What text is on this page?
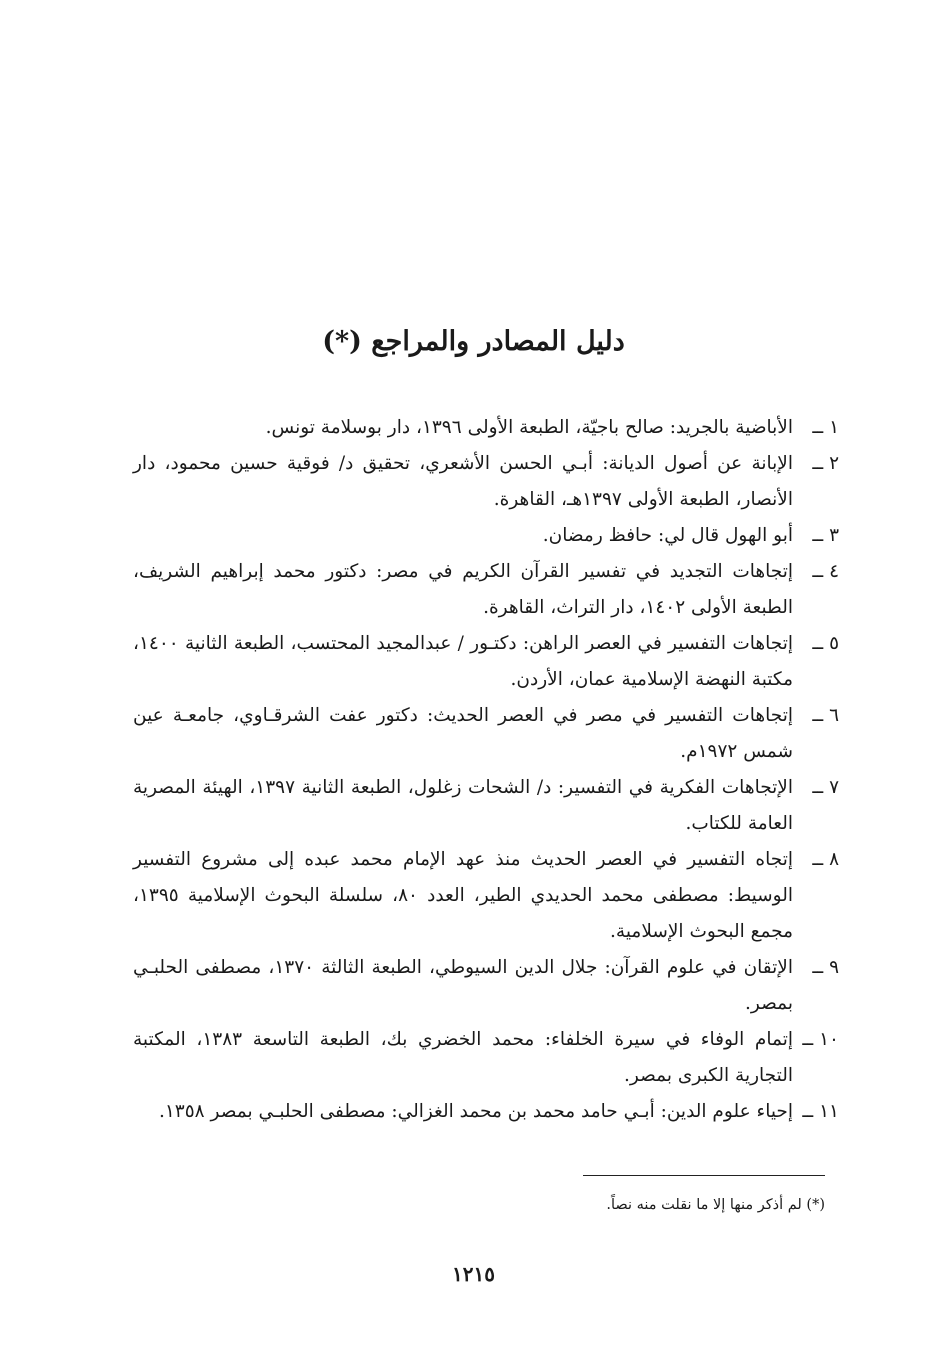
دليل المصادر والمراجع (*)
١ ــ
الأباضية بالجريد: صالح باجيّة، الطبعة الأولى ١٣٩٦، دار بوسلامة تونس.
٢ ــ
الإبانة عن أصول الديانة: أبـي الحسن الأشعري، تحقيق د/ فوقية حسين محمود، دار الأنصار، الطبعة الأولى ١٣٩٧هـ، القاهرة.
٣ ــ
أبو الهول قال لي: حافظ رمضان.
٤ ــ
إتجاهات التجديد في تفسير القرآن الكريم في مصر: دكتور محمد إبراهيم الشريف، الطبعة الأولى ١٤٠٢، دار التراث، القاهرة.
٥ ــ
إتجاهات التفسير في العصر الراهن: دكتـور / عبدالمجيد المحتسب، الطبعة الثانية ١٤٠٠، مكتبة النهضة الإسلامية عمان، الأردن.
٦ ــ
إتجاهات التفسير في مصر في العصر الحديث: دكتور عفت الشرقـاوي، جامعـة عين شمس ١٩٧٢م.
٧ ــ
الإتجاهات الفكرية في التفسير: د/ الشحات زغلول، الطبعة الثانية ١٣٩٧، الهيئة المصرية العامة للكتاب.
٨ ــ
إتجاه التفسير في العصر الحديث منذ عهد الإمام محمد عبده إلى مشروع التفسير الوسيط: مصطفى محمد الحديدي الطير، العدد ٨٠، سلسلة البحوث الإسلامية ١٣٩٥، مجمع البحوث الإسلامية.
٩ ــ
الإتقان في علوم القرآن: جلال الدين السيوطي، الطبعة الثالثة ١٣٧٠، مصطفى الحلبـي بمصر.
١٠ ــ
إتمام الوفاء في سيرة الخلفاء: محمد الخضري بك، الطبعة التاسعة ١٣٨٣، المكتبة التجارية الكبرى بمصر.
١١ ــ
إحياء علوم الدين: أبـي حامد محمد بن محمد الغزالي: مصطفى الحلبـي بمصر ١٣٥٨.

(*) لم أذكر منها إلا ما نقلت منه نصاً.

١٢١٥
